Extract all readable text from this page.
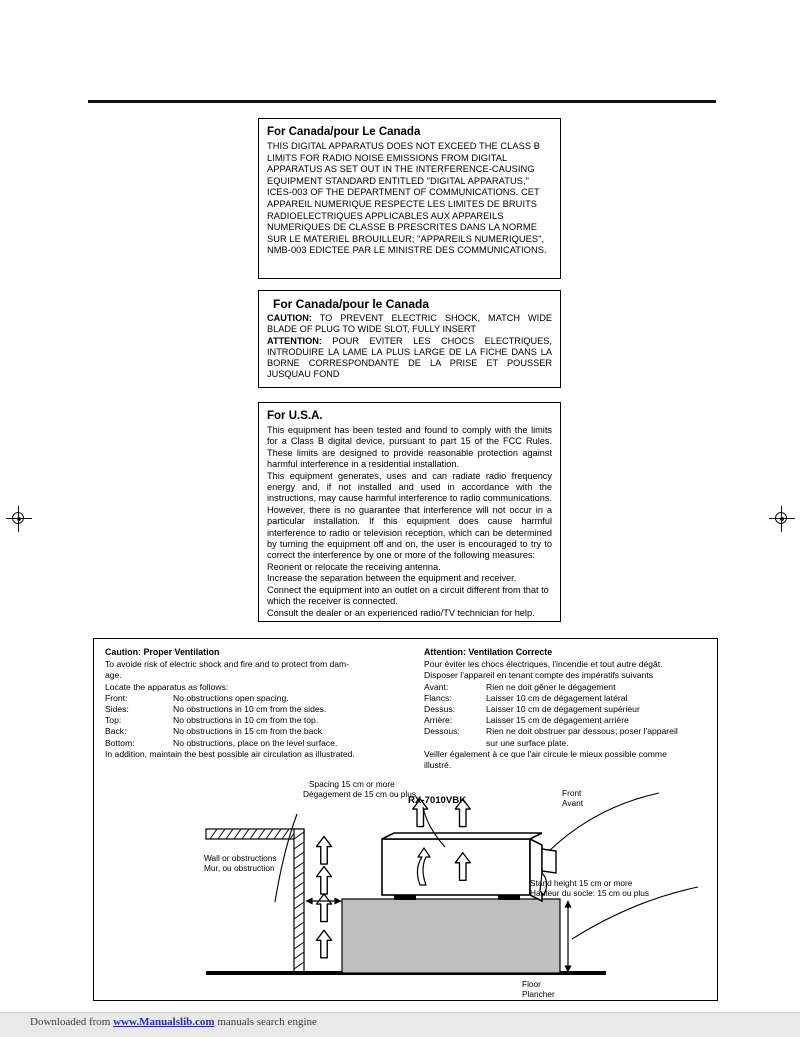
For Canada/pour Le Canada

THIS DIGITAL APPARATUS DOES NOT EXCEED THE CLASS B LIMITS FOR RADIO NOISE EMISSIONS FROM DIGITAL APPARATUS AS SET OUT IN THE INTERFERENCE-CAUSING EQUIPMENT STANDARD ENTITLED "DIGITAL APPARATUS," ICES-003 OF THE DEPARTMENT OF COMMUNICATIONS. CET APPAREIL NUMERIQUE RESPECTE LES LIMITES DE BRUITS RADIOELECTRIQUES APPLICABLES AUX APPAREILS NUMERIQUES DE CLASSE B PRESCRITES DANS LA NORME SUR LE MATERIEL BROUILLEUR; "APPAREILS NUMERIQUES", NMB-003 EDICTEE PAR LE MINISTRE DES COMMUNICATIONS.

For Canada/pour le Canada

CAUTION: TO PREVENT ELECTRIC SHOCK, MATCH WIDE BLADE OF PLUG TO WIDE SLOT, FULLY INSERT

ATTENTION: POUR EVITER LES CHOCS ELECTRIQUES, INTRODUIRE LA LAME LA PLUS LARGE DE LA FICHE DANS LA BORNE CORRESPONDANTE DE LA PRISE ET POUSSER JUSQUAU FOND

For U.S.A.

This equipment has been tested and found to comply with the limits for a Class B digital device, pursuant to part 15 of the FCC Rules. These limits are designed to provide reasonable protection against harmful interference in a residential installation.

This equipment generates, uses and can radiate radio frequency energy and, if not installed and used in accordance with the instructions, may cause harmful interference to radio communications. However, there is no guarantee that interference will not occur in a particular installation. If this equipment does cause harmful interference to radio or television reception, which can be determined by turning the equipment off and on, the user is encouraged to try to correct the interference by one or more of the following measures:

Reorient or relocate the receiving antenna.

Increase the separation between the equipment and receiver.

Connect the equipment into an outlet on a circuit different from that to which the receiver is connected.

Consult the dealer or an experienced radio/TV technician for help.

Caution: Proper Ventilation
To avoide risk of electric shock and fire and to protect from dam-
age.
Locate the apparatus as follows:
Front:	No obstructions open spacing.
Sides:	No obstructions in 10 cm from the sides.
Top:	No obstructions in 10 cm from the top.
Back:	No obstructions in 15 cm from the back
Bottom:	No obstructions, place on the level surface.
In addition, maintain the best possible air circulation as illustrated.
Attention: Ventilation Correcte
Pour éviter les chocs électriques, l'incendie et tout autre dégât.
Disposer l'appareil en tenant compte des impératifs suivants
Avant:	Rien ne doit gêner le dégagement
Flancs:	Laisser 10 cm de dégagement latéral
Dessus:	Laisser 10 cm de dégagement supérieur
Arrière:	Laisser 15 cm de dégagement arrière
Dessous:	Rien ne doit obstruer par dessous; poser l'appareil
sur une surface plate.
Veiller également à ce que l'air circule le mieux possible comme
illustré.
Spacing 15 cm or more
Dégagement de 15 cm ou plus
Wall or obstructions
Mur, ou obstruction
RX-7010VBK
Front
Avant
Stand height 15 cm or more
Hauteur du socle: 15 cm ou plus
Floor
Plancher
Downloaded from www.Manualslib.com manuals search engine
